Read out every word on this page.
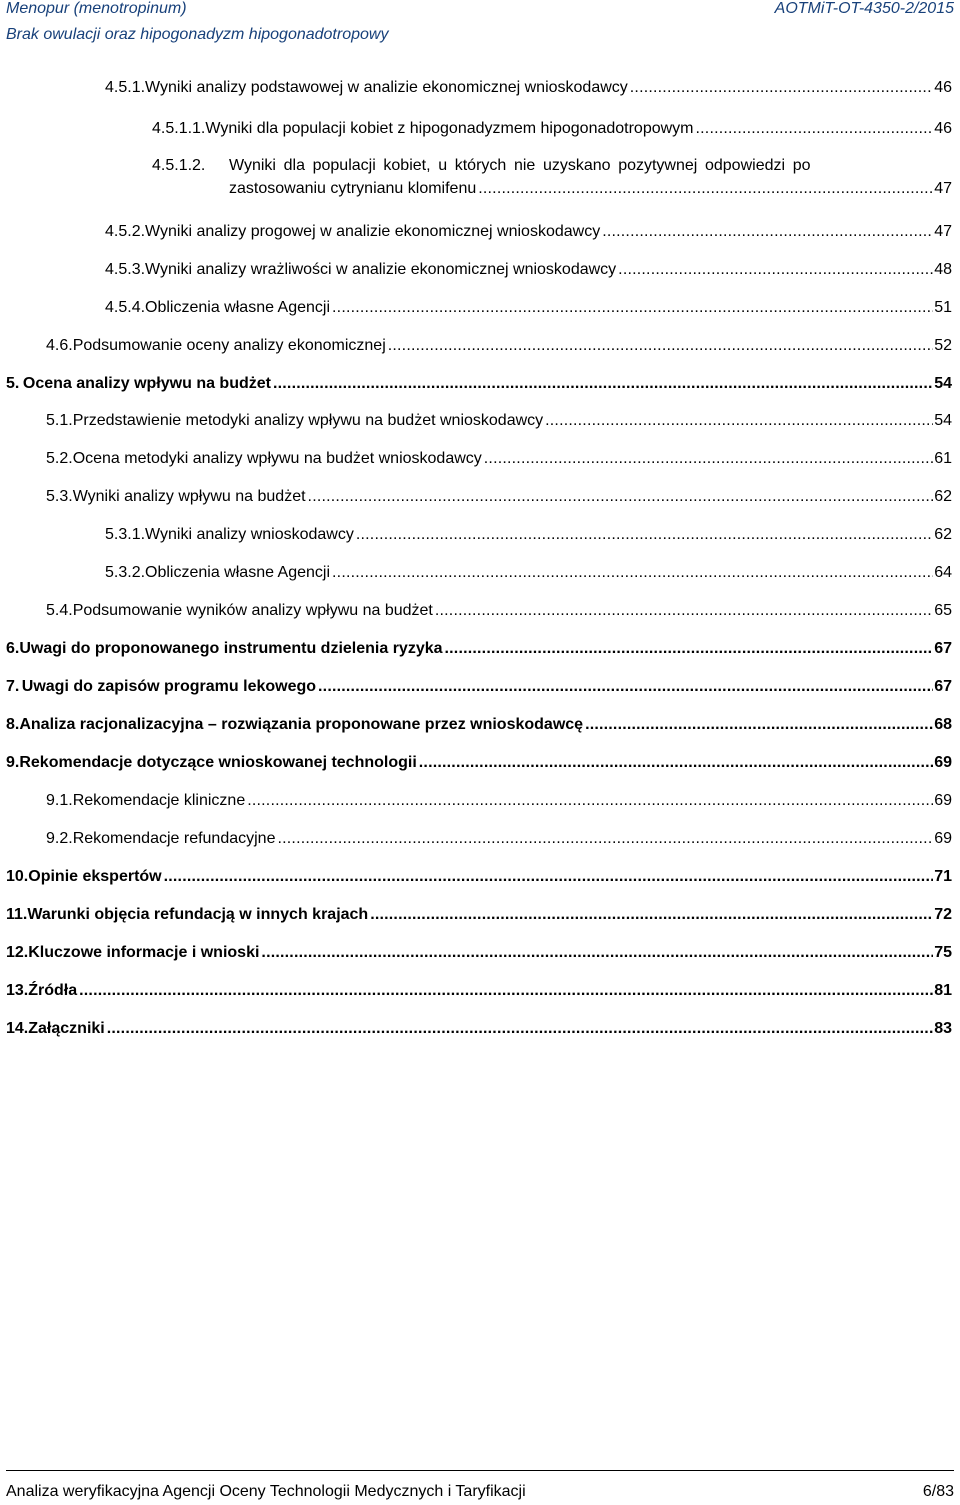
Menopur (menotropinum)
Brak owulacji oraz hipogonadyzm hipogonadotropowy
AOTMiT-OT-4350-2/2015
4.5.1. Wyniki analizy podstawowej w analizie ekonomicznej wnioskodawcy .....	46
4.5.1.1. Wyniki dla populacji kobiet z hipogonadyzmem hipogonadotropowym .....	46
4.5.1.2.	Wyniki dla populacji kobiet, u których nie uzyskano pozytywnej odpowiedzi po
zastosowaniu cytrynianu klomifenu .....	47
4.5.2. Wyniki analizy progowej w analizie ekonomicznej wnioskodawcy .....	47
4.5.3. Wyniki analizy wrażliwości w analizie ekonomicznej wnioskodawcy .....	48
4.5.4. Obliczenia własne Agencji .....	51
4.6. Podsumowanie oceny analizy ekonomicznej .....	52
5. Ocena analizy wpływu na budżet .....	54
5.1. Przedstawienie metodyki analizy wpływu na budżet wnioskodawcy .....	54
5.2. Ocena metodyki analizy wpływu na budżet wnioskodawcy .....	61
5.3. Wyniki analizy wpływu na budżet .....	62
5.3.1. Wyniki analizy wnioskodawcy .....	62
5.3.2. Obliczenia własne Agencji .....	64
5.4. Podsumowanie wyników analizy wpływu na budżet .....	65
6. Uwagi do proponowanego instrumentu dzielenia ryzyka .....	67
7. Uwagi do zapisów programu lekowego .....	67
8. Analiza racjonalizacyjna – rozwiązania proponowane przez wnioskodawcę .....	68
9. Rekomendacje dotyczące wnioskowanej technologii .....	69
9.1. Rekomendacje kliniczne .....	69
9.2. Rekomendacje refundacyjne .....	69
10. Opinie ekspertów .....	71
11. Warunki objęcia refundacją w innych krajach .....	72
12. Kluczowe informacje i wnioski .....	75
13. Źródła .....	81
14. Załączniki .....	83
Analiza weryfikacyjna Agencji Oceny Technologii Medycznych i Taryfikacji	6/83
